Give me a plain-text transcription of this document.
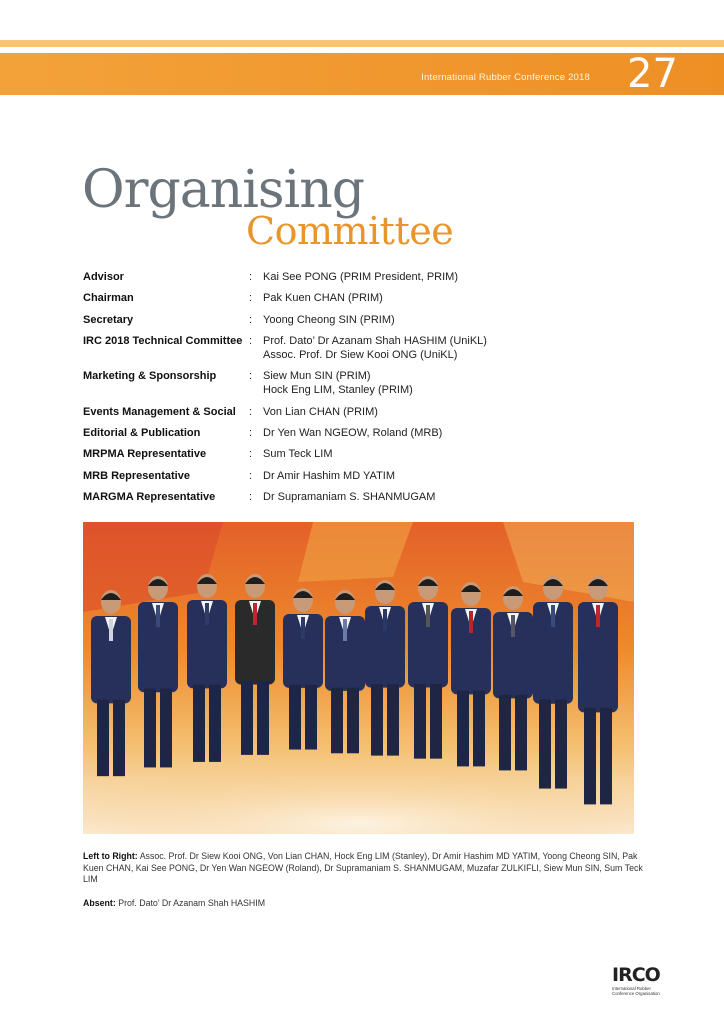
International Rubber Conference 2018 27
Organising
Committee
Advisor	: Kai See PONG (PRIM President, PRIM)
Chairman	: Pak Kuen CHAN (PRIM)
Secretary	: Yoong Cheong SIN (PRIM)
IRC 2018 Technical Committee : Prof. Dato’ Dr Azanam Shah HASHIM (UniKL)
Assoc. Prof. Dr Siew Kooi ONG (UniKL)
Marketing & Sponsorship	: Siew Mun SIN (PRIM)
Hock Eng LIM, Stanley (PRIM)
Events Management & Social : Von Lian CHAN (PRIM)
Editorial & Publication	: Dr Yen Wan NGEOW, Roland (MRB)
MRPMA Representative	: Sum Teck LIM
MRB Representative	: Dr Amir Hashim MD YATIM
MARGMA Representative	: Dr Supramaniam S. SHANMUGAM
Left to Right: Assoc. Prof. Dr Siew Kooi ONG, Von Lian CHAN, Hock Eng LIM (Stanley), Dr Amir Hashim MD YATIM, Yoong Cheong SIN, Pak Kuen CHAN, Kai See PONG, Dr Yen Wan NGEOW (Roland), Dr Supramaniam S. SHANMUGAM, Muzafar ZULKIFLI, Siew Mun SIN, Sum Teck LIM
Absent: Prof. Dato’ Dr Azanam Shah HASHIM
IRCO
International Rubber
Conference Organisation
